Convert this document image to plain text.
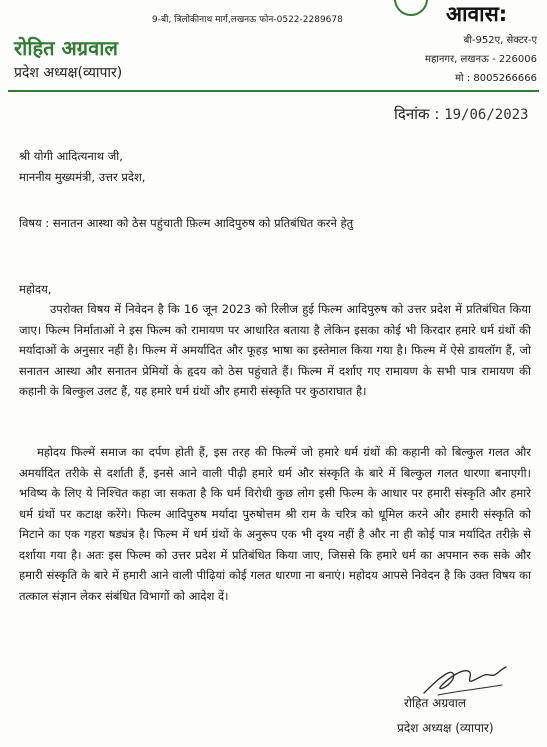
रोहित अग्रवाल
प्रदेश अध्यक्ष(व्यापार)
9-बी, त्रिलोकीनाथ मार्ग,लखनऊ फोन-0522-2289678	आवास:
बी-952ए, सेक्टर-ए
महानगर, लखनऊ - 226006
मो : 8005266666
दिनांक : 19/06/2023
श्री योगी आदित्यनाथ जी,
माननीय मुख्यमंत्री, उत्तर प्रदेश,
विषय : सनातन आस्था को ठेस पहुंचाती फ़िल्म आदिपुरुष को प्रतिबंधित करने हेतु
महोदय,
उपरोक्त विषय में निवेदन है कि 16 जून 2023 को रिलीज हुई फिल्म आदिपुरुष को उत्तर प्रदेश में प्रतिबंधित किया जाए। फिल्म निर्माताओं ने इस फिल्म को रामायण पर आधारित बताया है लेकिन इसका कोई भी किरदार हमारे धर्म ग्रंथों की मर्यादाओं के अनुसार नहीं है। फिल्म में अमर्यादित और फूहड़ भाषा का इस्तेमाल किया गया है। फिल्म में ऐसे डायलॉग हैं, जो सनातन आस्था और सनातन प्रेमियों के हृदय को ठेस पहुंचाते हैं। फिल्म में दर्शाए गए रामायण के सभी पात्र रामायण की कहानी के बिल्कुल उलट हैं, यह हमारे धर्म ग्रंथों और हमारी संस्कृति पर कुठाराघात है।
महोदय फिल्में समाज का दर्पण होती हैं, इस तरह की फिल्में जो हमारे धर्म ग्रंथों की कहानी को बिल्कुल गलत और अमर्यादित तरीके से दर्शाती हैं, इनसे आने वाली पीढ़ी हमारे धर्म और संस्कृति के बारे में बिल्कुल गलत धारणा बनाएगी। भविष्य के लिए ये निश्चित कहा जा सकता है कि धर्म विरोधी कुछ लोग इसी फिल्म के आधार पर हमारी संस्कृति और हमारे धर्म ग्रंथों पर कटाक्ष करेंगे। फिल्म आदिपुरुष मर्यादा पुरुषोत्तम श्री राम के चरित्र को धूमिल करने और हमारी संस्कृति को मिटाने का एक गहरा षड्यंत्र है। फिल्म में धर्म ग्रंथों के अनुरूप एक भी दृश्य नहीं है और ना ही कोई पात्र मर्यादित तरीक़े से दर्शाया गया है। अतः इस फिल्म को उत्तर प्रदेश में प्रतिबंधित किया जाए, जिससे कि हमारे धर्म का अपमान रुक सके और हमारी संस्कृति के बारे में हमारी आने वाली पीढ़ियां कोई गलत धारणा ना बनाएं। महोदय आपसे निवेदन है कि उक्त विषय का तत्काल संज्ञान लेकर संबंधित विभागों को आदेश दें।
रोहित अग्रवाल
प्रदेश अध्यक्ष (व्यापार)
